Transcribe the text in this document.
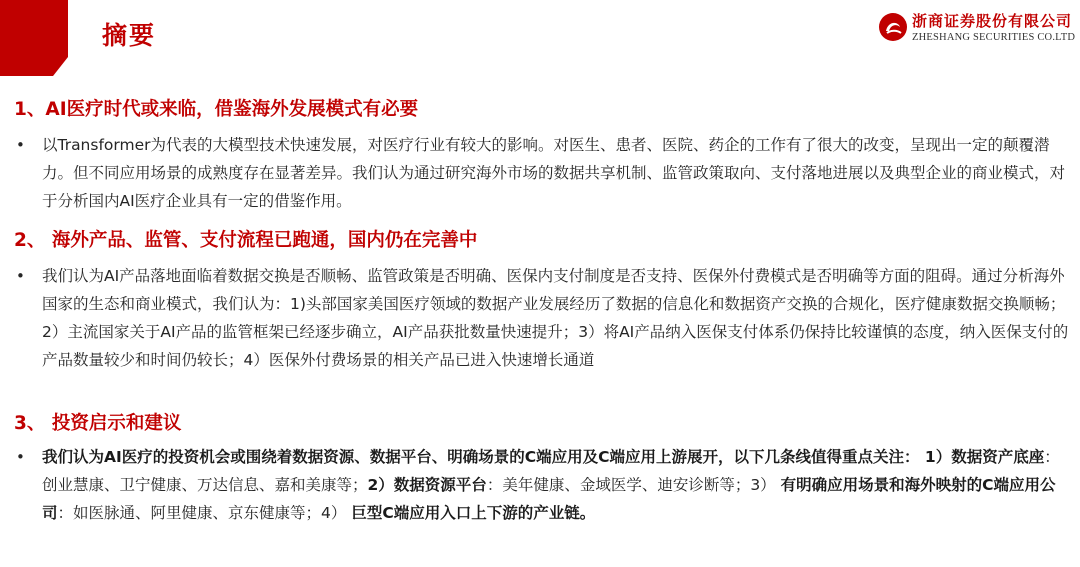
摘要	浙商证券股份有限公司
ZHESHANG SECURITIES CO.LTD
1、AI医疗时代或来临，借鉴海外发展模式有必要
• 以Transformer为代表的大模型技术快速发展，对医疗行业有较大的影响。对医生、患者、医院、药企的工作有了很大的改变，呈现出一定的颠覆潜力。但不同应用场景的成熟度存在显著差异。我们认为通过研究海外市场的数据共享机制、监管政策取向、支付落地进展以及典型企业的商业模式，对于分析国内AI医疗企业具有一定的借鉴作用。
2、 海外产品、监管、支付流程已跑通，国内仍在完善中
• 我们认为AI产品落地面临着数据交换是否顺畅、监管政策是否明确、医保内支付制度是否支持、医保外付费模式是否明确等方面的阻碍。通过分析海外国家的生态和商业模式，我们认为：1)头部国家美国医疗领域的数据产业发展经历了数据的信息化和数据资产交换的合规化，医疗健康数据交换顺畅；2）主流国家关于AI产品的监管框架已经逐步确立，AI产品获批数量快速提升；3）将AI产品纳入医保支付体系仍保持比较谨慎的态度，纳入医保支付的产品数量较少和时间仍较长；4）医保外付费场景的相关产品已进入快速增长通道
3、 投资启示和建议
• 我们认为AI医疗的投资机会或围绕着数据资源、数据平台、明确场景的C端应用及C端应用上游展开，以下几条线值得重点关注： 1）数据资产底座：创业慧康、卫宁健康、万达信息、嘉和美康等；2）数据资源平台：美年健康、金域医学、迪安诊断等；3） 有明确应用场景和海外映射的C端应用公司：如医脉通、阿里健康、京东健康等；4） 巨型C端应用入口上下游的产业链。
